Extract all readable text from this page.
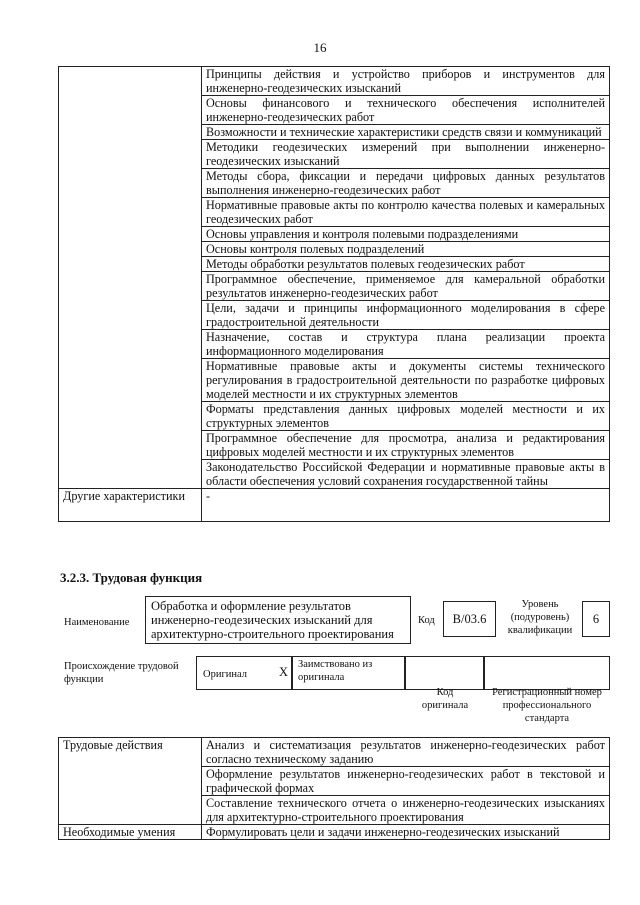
16
	Принципы действия и устройство приборов и инструментов для инженерно-геодезических изысканий
	Основы финансового и технического обеспечения исполнителей инженерно-геодезических работ
	Возможности и технические характеристики средств связи и коммуникаций
	Методики геодезических измерений при выполнении инженерно-геодезических изысканий
	Методы сбора, фиксации и передачи цифровых данных результатов выполнения инженерно-геодезических работ
	Нормативные правовые акты по контролю качества полевых и камеральных геодезических работ
	Основы управления и контроля полевыми подразделениями
	Основы контроля полевых подразделений
	Методы обработки результатов полевых геодезических работ
	Программное обеспечение, применяемое для камеральной обработки результатов инженерно-геодезических работ
	Цели, задачи и принципы информационного моделирования в сфере градостроительной деятельности
	Назначение, состав и структура плана реализации проекта информационного моделирования
	Нормативные правовые акты и документы системы технического регулирования в градостроительной деятельности по разработке цифровых моделей местности и их структурных элементов
	Форматы представления данных цифровых моделей местности и их структурных элементов
	Программное обеспечение для просмотра, анализа и редактирования цифровых моделей местности и их структурных элементов
	Законодательство Российской Федерации и нормативные правовые акты в области обеспечения условий сохранения государственной тайны
Другие характеристики	-
3.2.3. Трудовая функция
Наименование
Обработка и оформление результатов инженерно-геодезических изысканий для архитектурно-строительного проектирования
Код	B/03.6
Уровень (подуровень) квалификации
6
Происхождение трудовой функции	Оригинал	X
Заимствовано из оригинала
Код оригинала
Регистрационный номер профессионального стандарта
Трудовые действия	Анализ и систематизация результатов инженерно-геодезических работ согласно техническому заданию
	Оформление результатов инженерно-геодезических работ в текстовой и графической формах
	Составление технического отчета о инженерно-геодезических изысканиях для архитектурно-строительного проектирования
Необходимые умения	Формулировать цели и задачи инженерно-геодезических изысканий
